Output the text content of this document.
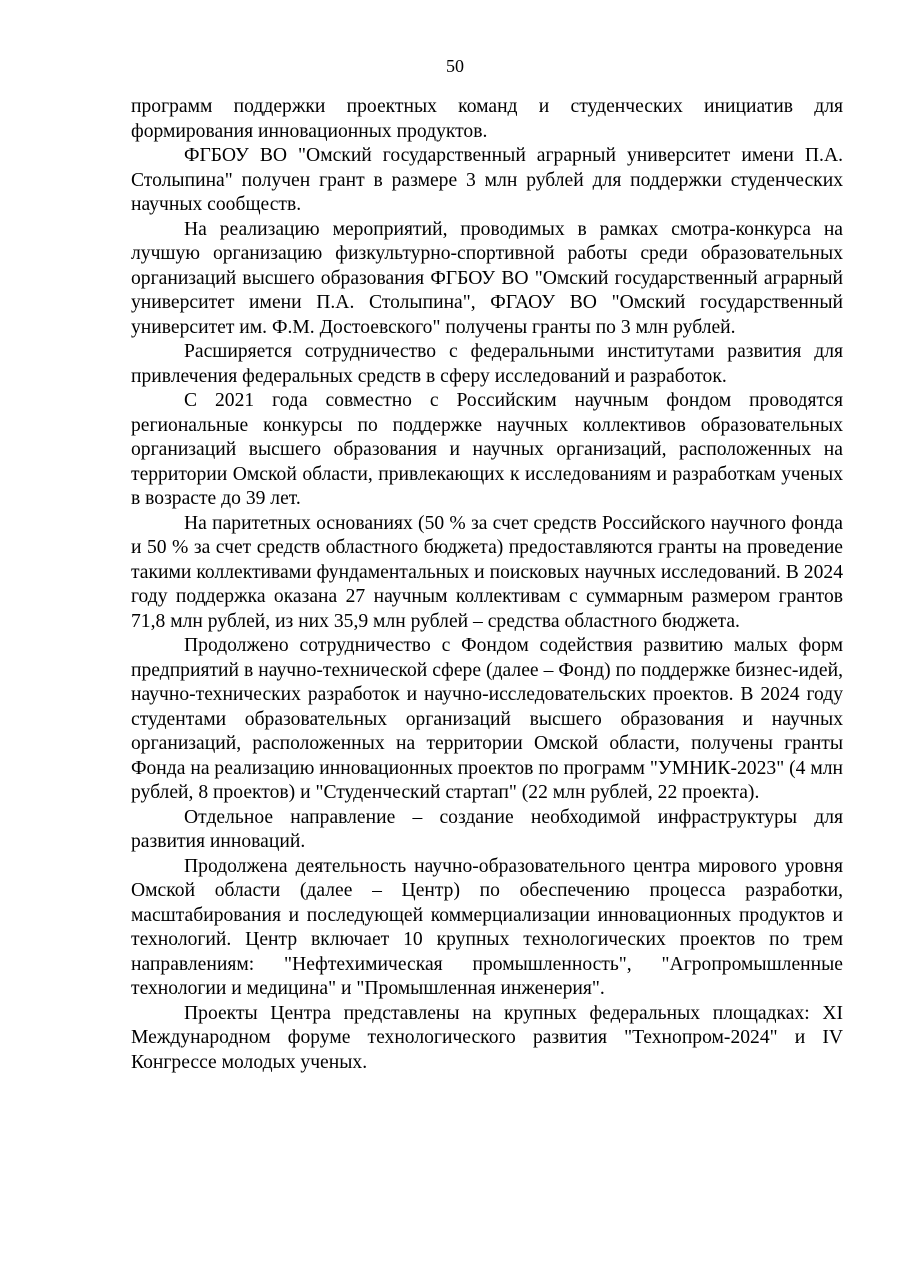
50

программ поддержки проектных команд и студенческих инициатив для формирования инновационных продуктов.

ФГБОУ ВО "Омский государственный аграрный университет имени П.А. Столыпина" получен грант в размере 3 млн рублей для поддержки студенческих научных сообществ.

На реализацию мероприятий, проводимых в рамках смотра-конкурса на лучшую организацию физкультурно-спортивной работы среди образовательных организаций высшего образования ФГБОУ ВО "Омский государственный аграрный университет имени П.А. Столыпина", ФГАОУ ВО "Омский государственный университет им. Ф.М. Достоевского" получены гранты по 3 млн рублей.

Расширяется сотрудничество с федеральными институтами развития для привлечения федеральных средств в сферу исследований и разработок.

С 2021 года совместно с Российским научным фондом проводятся региональные конкурсы по поддержке научных коллективов образовательных организаций высшего образования и научных организаций, расположенных на территории Омской области, привлекающих к исследованиям и разработкам ученых в возрасте до 39 лет.

На паритетных основаниях (50 % за счет средств Российского научного фонда и 50 % за счет средств областного бюджета) предоставляются гранты на проведение такими коллективами фундаментальных и поисковых научных исследований. В 2024 году поддержка оказана 27 научным коллективам с суммарным размером грантов 71,8 млн рублей, из них 35,9 млн рублей – средства областного бюджета.

Продолжено сотрудничество с Фондом содействия развитию малых форм предприятий в научно-технической сфере (далее – Фонд) по поддержке бизнес-идей, научно-технических разработок и научно-исследовательских проектов. В 2024 году студентами образовательных организаций высшего образования и научных организаций, расположенных на территории Омской области, получены гранты Фонда на реализацию инновационных проектов по программ "УМНИК-2023" (4 млн рублей, 8 проектов) и "Студенческий стартап" (22 млн рублей, 22 проекта).

Отдельное направление – создание необходимой инфраструктуры для развития инноваций.

Продолжена деятельность научно-образовательного центра мирового уровня Омской области (далее – Центр) по обеспечению процесса разработки, масштабирования и последующей коммерциализации инновационных продуктов и технологий. Центр включает 10 крупных технологических проектов по трем направлениям: "Нефтехимическая промышленность", "Агропромышленные технологии и медицина" и "Промышленная инженерия".

Проекты Центра представлены на крупных федеральных площадках: XI Международном форуме технологического развития "Технопром-2024" и IV Конгрессе молодых ученых.
